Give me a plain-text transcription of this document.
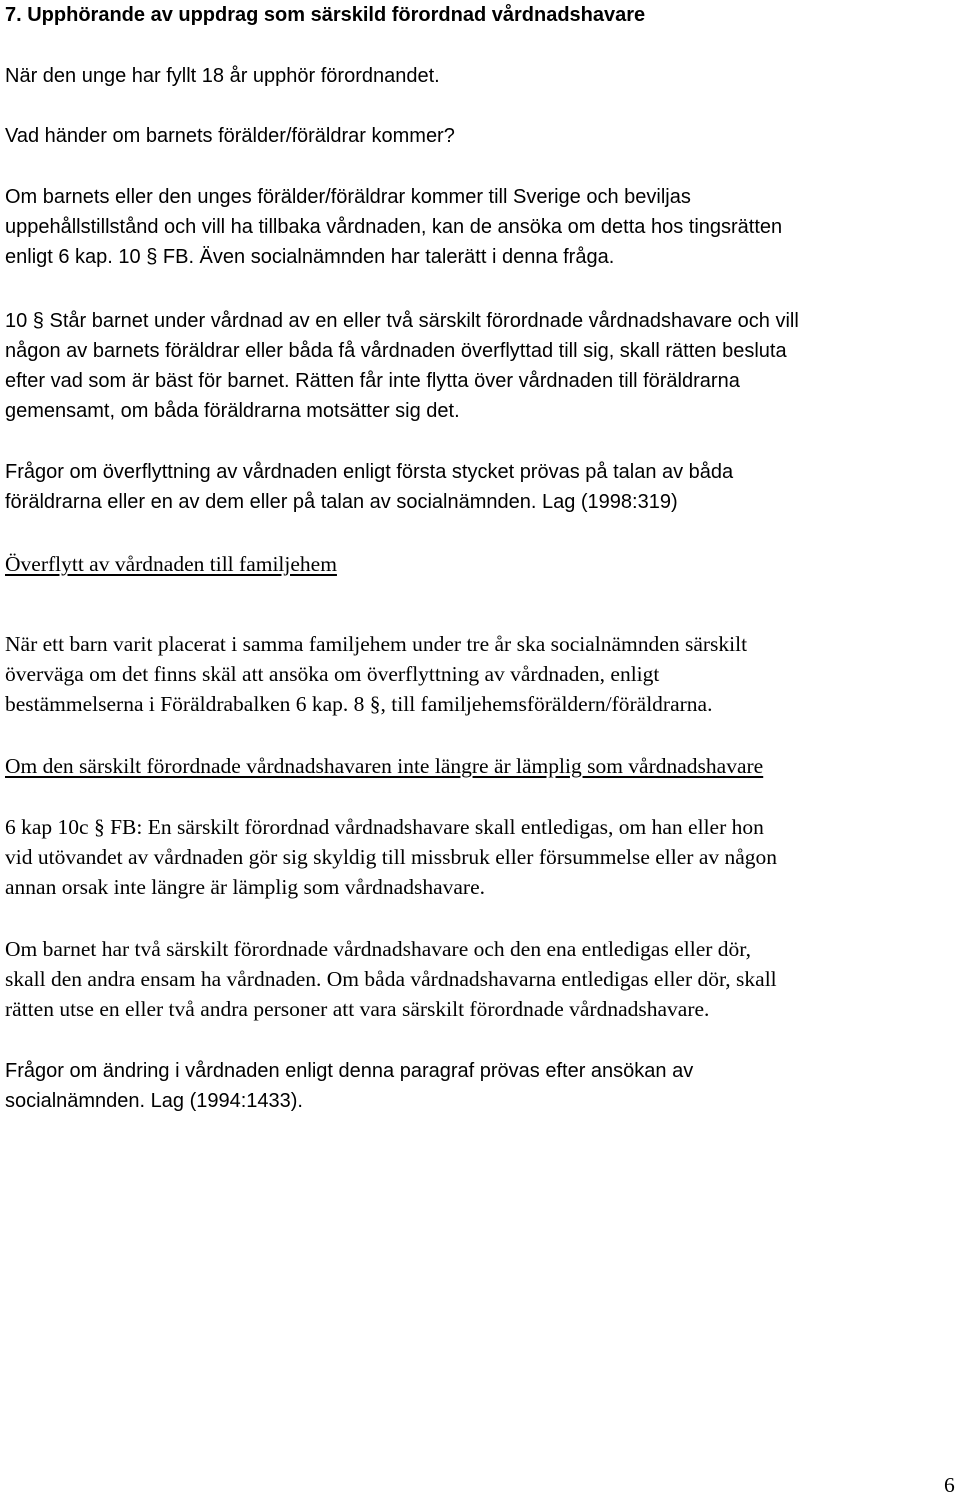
7. Upphörande av uppdrag som särskild förordnad vårdnadshavare
När den unge har fyllt 18 år upphör förordnandet.
Vad händer om barnets förälder/föräldrar kommer?
Om barnets eller den unges förälder/föräldrar kommer till Sverige och beviljas
uppehållstillstånd och vill ha tillbaka vårdnaden, kan de ansöka om detta hos tingsrätten
enligt 6 kap. 10 § FB. Även socialnämnden har talerätt i denna fråga.
10 § Står barnet under vårdnad av en eller två särskilt förordnade vårdnadshavare och vill
någon av barnets föräldrar eller båda få vårdnaden överflyttad till sig, skall rätten besluta
efter vad som är bäst för barnet. Rätten får inte flytta över vårdnaden till föräldrarna
gemensamt, om båda föräldrarna motsätter sig det.
Frågor om överflyttning av vårdnaden enligt första stycket prövas på talan av båda
föräldrarna eller en av dem eller på talan av socialnämnden. Lag (1998:319)
Överflytt av vårdnaden till familjehem
När ett barn varit placerat i samma familjehem under tre år ska socialnämnden särskilt
överväga om det finns skäl att ansöka om överflyttning av vårdnaden, enligt
bestämmelserna i Föräldrabalken 6 kap. 8 §, till familjehemsföräldern/föräldrarna.
Om den särskilt förordnade vårdnadshavaren inte längre är lämplig som vårdnadshavare
6 kap 10c § FB: En särskilt förordnad vårdnadshavare skall entledigas, om han eller hon
vid utövandet av vårdnaden gör sig skyldig till missbruk eller försummelse eller av någon
annan orsak inte längre är lämplig som vårdnadshavare.
Om barnet har två särskilt förordnade vårdnadshavare och den ena entledigas eller dör,
skall den andra ensam ha vårdnaden. Om båda vårdnadshavarna entledigas eller dör, skall
rätten utse en eller två andra personer att vara särskilt förordnade vårdnadshavare.
Frågor om ändring i vårdnaden enligt denna paragraf prövas efter ansökan av
socialnämnden. Lag (1994:1433).
6
